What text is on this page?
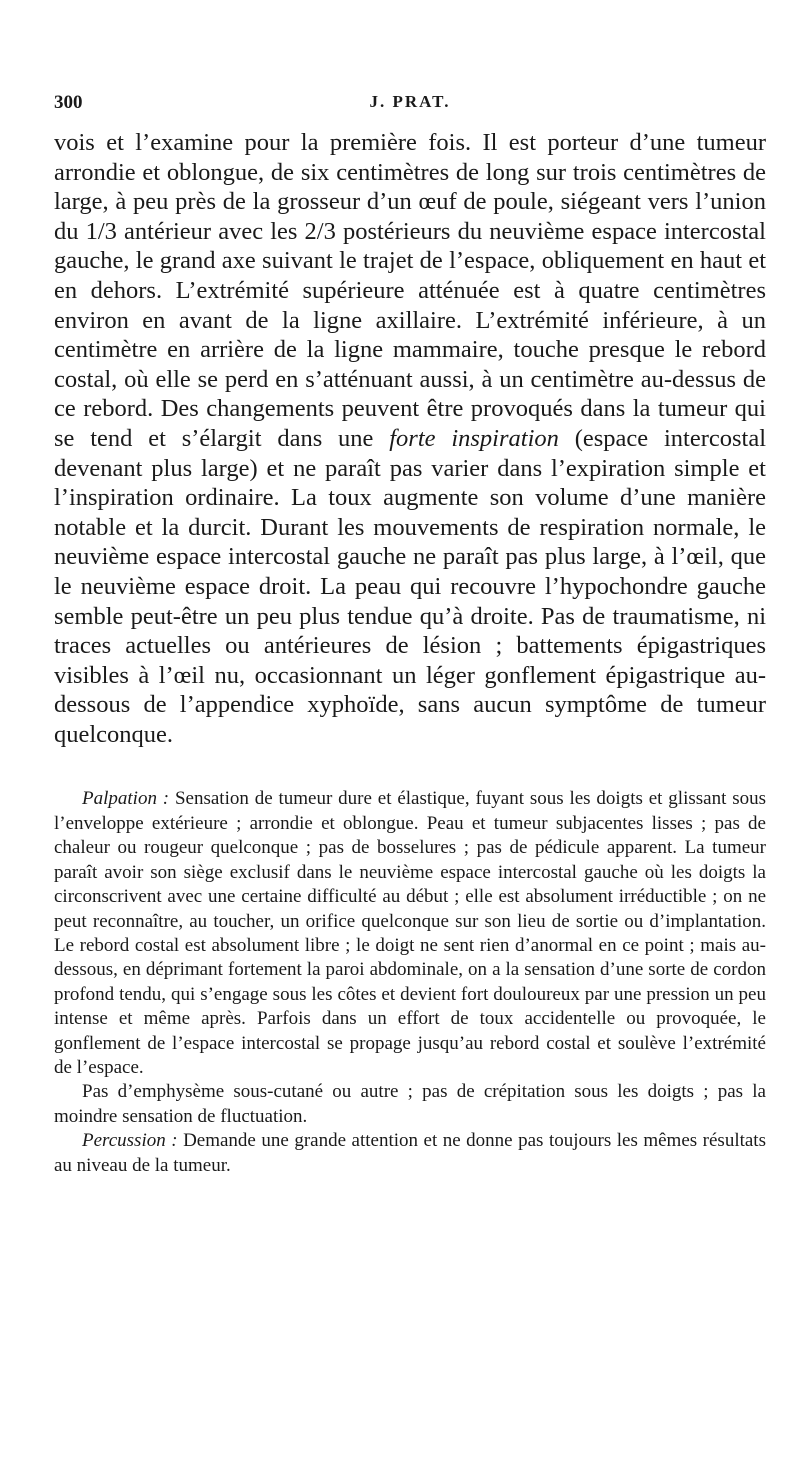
300	J. PRAT.

vois et l’examine pour la première fois. Il est porteur d’une tumeur arrondie et oblongue, de six centimètres de long sur trois centimètres de large, à peu près de la grosseur d’un œuf de poule, siégeant vers l’union du 1/3 antérieur avec les 2/3 postérieurs du neuvième espace intercostal gauche, le grand axe suivant le trajet de l’espace, obliquement en haut et en dehors. L’extrémité supérieure atténuée est à quatre centimètres environ en avant de la ligne axillaire. L’extrémité inférieure, à un centimètre en arrière de la ligne mammaire, touche presque le rebord costal, où elle se perd en s’atténuant aussi, à un centimètre au-dessus de ce rebord. Des changements peuvent être provoqués dans la tumeur qui se tend et s’élargit dans une forte inspiration (espace intercostal devenant plus large) et ne paraît pas varier dans l’expiration simple et l’inspiration ordinaire. La toux augmente son volume d’une manière notable et la durcit. Durant les mouvements de respiration normale, le neuvième espace intercostal gauche ne paraît pas plus large, à l’œil, que le neuvième espace droit. La peau qui recouvre l’hypochondre gauche semble peut-être un peu plus tendue qu’à droite. Pas de traumatisme, ni traces actuelles ou antérieures de lésion ; battements épigastriques visibles à l’œil nu, occasionnant un léger gonflement épigastrique au-dessous de l’appendice xyphoïde, sans aucun symptôme de tumeur quelconque.

Palpation : Sensation de tumeur dure et élastique, fuyant sous les doigts et glissant sous l’enveloppe extérieure ; arrondie et oblongue. Peau et tumeur subjacentes lisses ; pas de chaleur ou rougeur quelconque ; pas de bosselures ; pas de pédicule apparent. La tumeur paraît avoir son siège exclusif dans le neuvième espace intercostal gauche où les doigts la circonscrivent avec une certaine difficulté au début ; elle est absolument irréductible ; on ne peut reconnaître, au toucher, un orifice quelconque sur son lieu de sortie ou d’implantation. Le rebord costal est absolument libre ; le doigt ne sent rien d’anormal en ce point ; mais au-dessous, en déprimant fortement la paroi abdominale, on a la sensation d’une sorte de cordon profond tendu, qui s’engage sous les côtes et devient fort douloureux par une pression un peu intense et même après. Parfois dans un effort de toux accidentelle ou provoquée, le gonflement de l’espace intercostal se propage jusqu’au rebord costal et soulève l’extrémité de l’espace.

Pas d’emphysème sous-cutané ou autre ; pas de crépitation sous les doigts ; pas la moindre sensation de fluctuation.

Percussion : Demande une grande attention et ne donne pas toujours les mêmes résultats au niveau de la tumeur.
